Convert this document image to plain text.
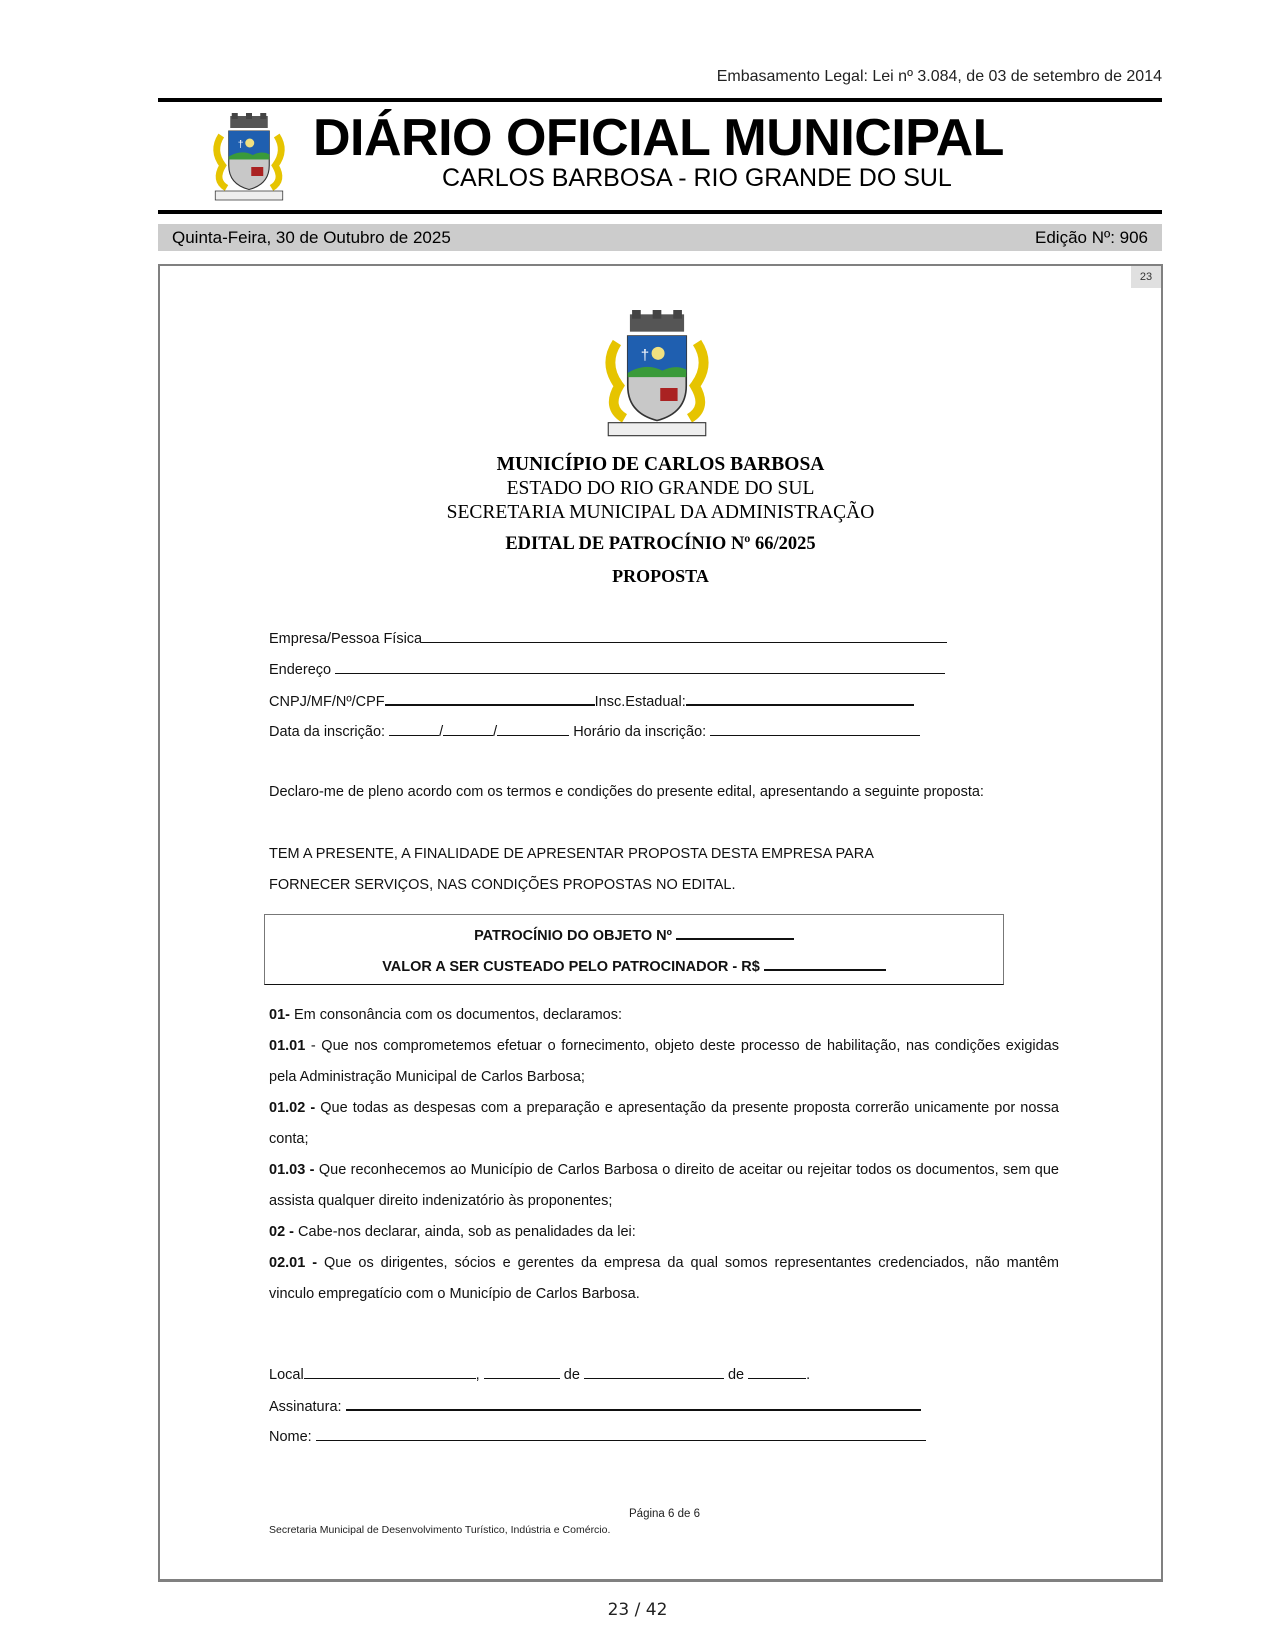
Embasamento Legal: Lei nº 3.084, de 03 de setembro de 2014
† DIÁRIO OFICIAL MUNICIPAL
CARLOS BARBOSA - RIO GRANDE DO SUL
Quinta-Feira, 30 de Outubro de 2025	Edição Nº: 906
23
†
MUNICÍPIO DE CARLOS BARBOSA
ESTADO DO RIO GRANDE DO SUL
SECRETARIA MUNICIPAL DA ADMINISTRAÇÃO
EDITAL DE PATROCÍNIO Nº 66/2025
PROPOSTA
Empresa/Pessoa Física
Endereço
CNPJ/MF/Nº/CPF	Insc.Estadual:
Data da inscrição:	/	/	Horário da inscrição:
Declaro-me de pleno acordo com os termos e condições do presente edital, apresentando a seguinte proposta:
TEM A PRESENTE, A FINALIDADE DE APRESENTAR PROPOSTA DESTA EMPRESA PARA
FORNECER SERVIÇOS, NAS CONDIÇÕES PROPOSTAS NO EDITAL.
PATROCÍNIO DO OBJETO Nº
VALOR A SER CUSTEADO PELO PATROCINADOR - R$
01- Em consonância com os documentos, declaramos:
01.01 - Que nos comprometemos efetuar o fornecimento, objeto deste processo de habilitação, nas condições exigidas pela Administração Municipal de Carlos Barbosa;
01.02 - Que todas as despesas com a preparação e apresentação da presente proposta correrão unicamente por nossa conta;
01.03 - Que reconhecemos ao Município de Carlos Barbosa o direito de aceitar ou rejeitar todos os documentos, sem que assista qualquer direito indenizatório às proponentes;
02 - Cabe-nos declarar, ainda, sob as penalidades da lei:
02.01 - Que os dirigentes, sócios e gerentes da empresa da qual somos representantes credenciados, não mantêm vinculo empregatício com o Município de Carlos Barbosa.
Local	,	de	de	.
Assinatura:
Nome:
Página 6 de 6
Secretaria Municipal de Desenvolvimento Turístico, Indústria e Comércio.
23 / 42
